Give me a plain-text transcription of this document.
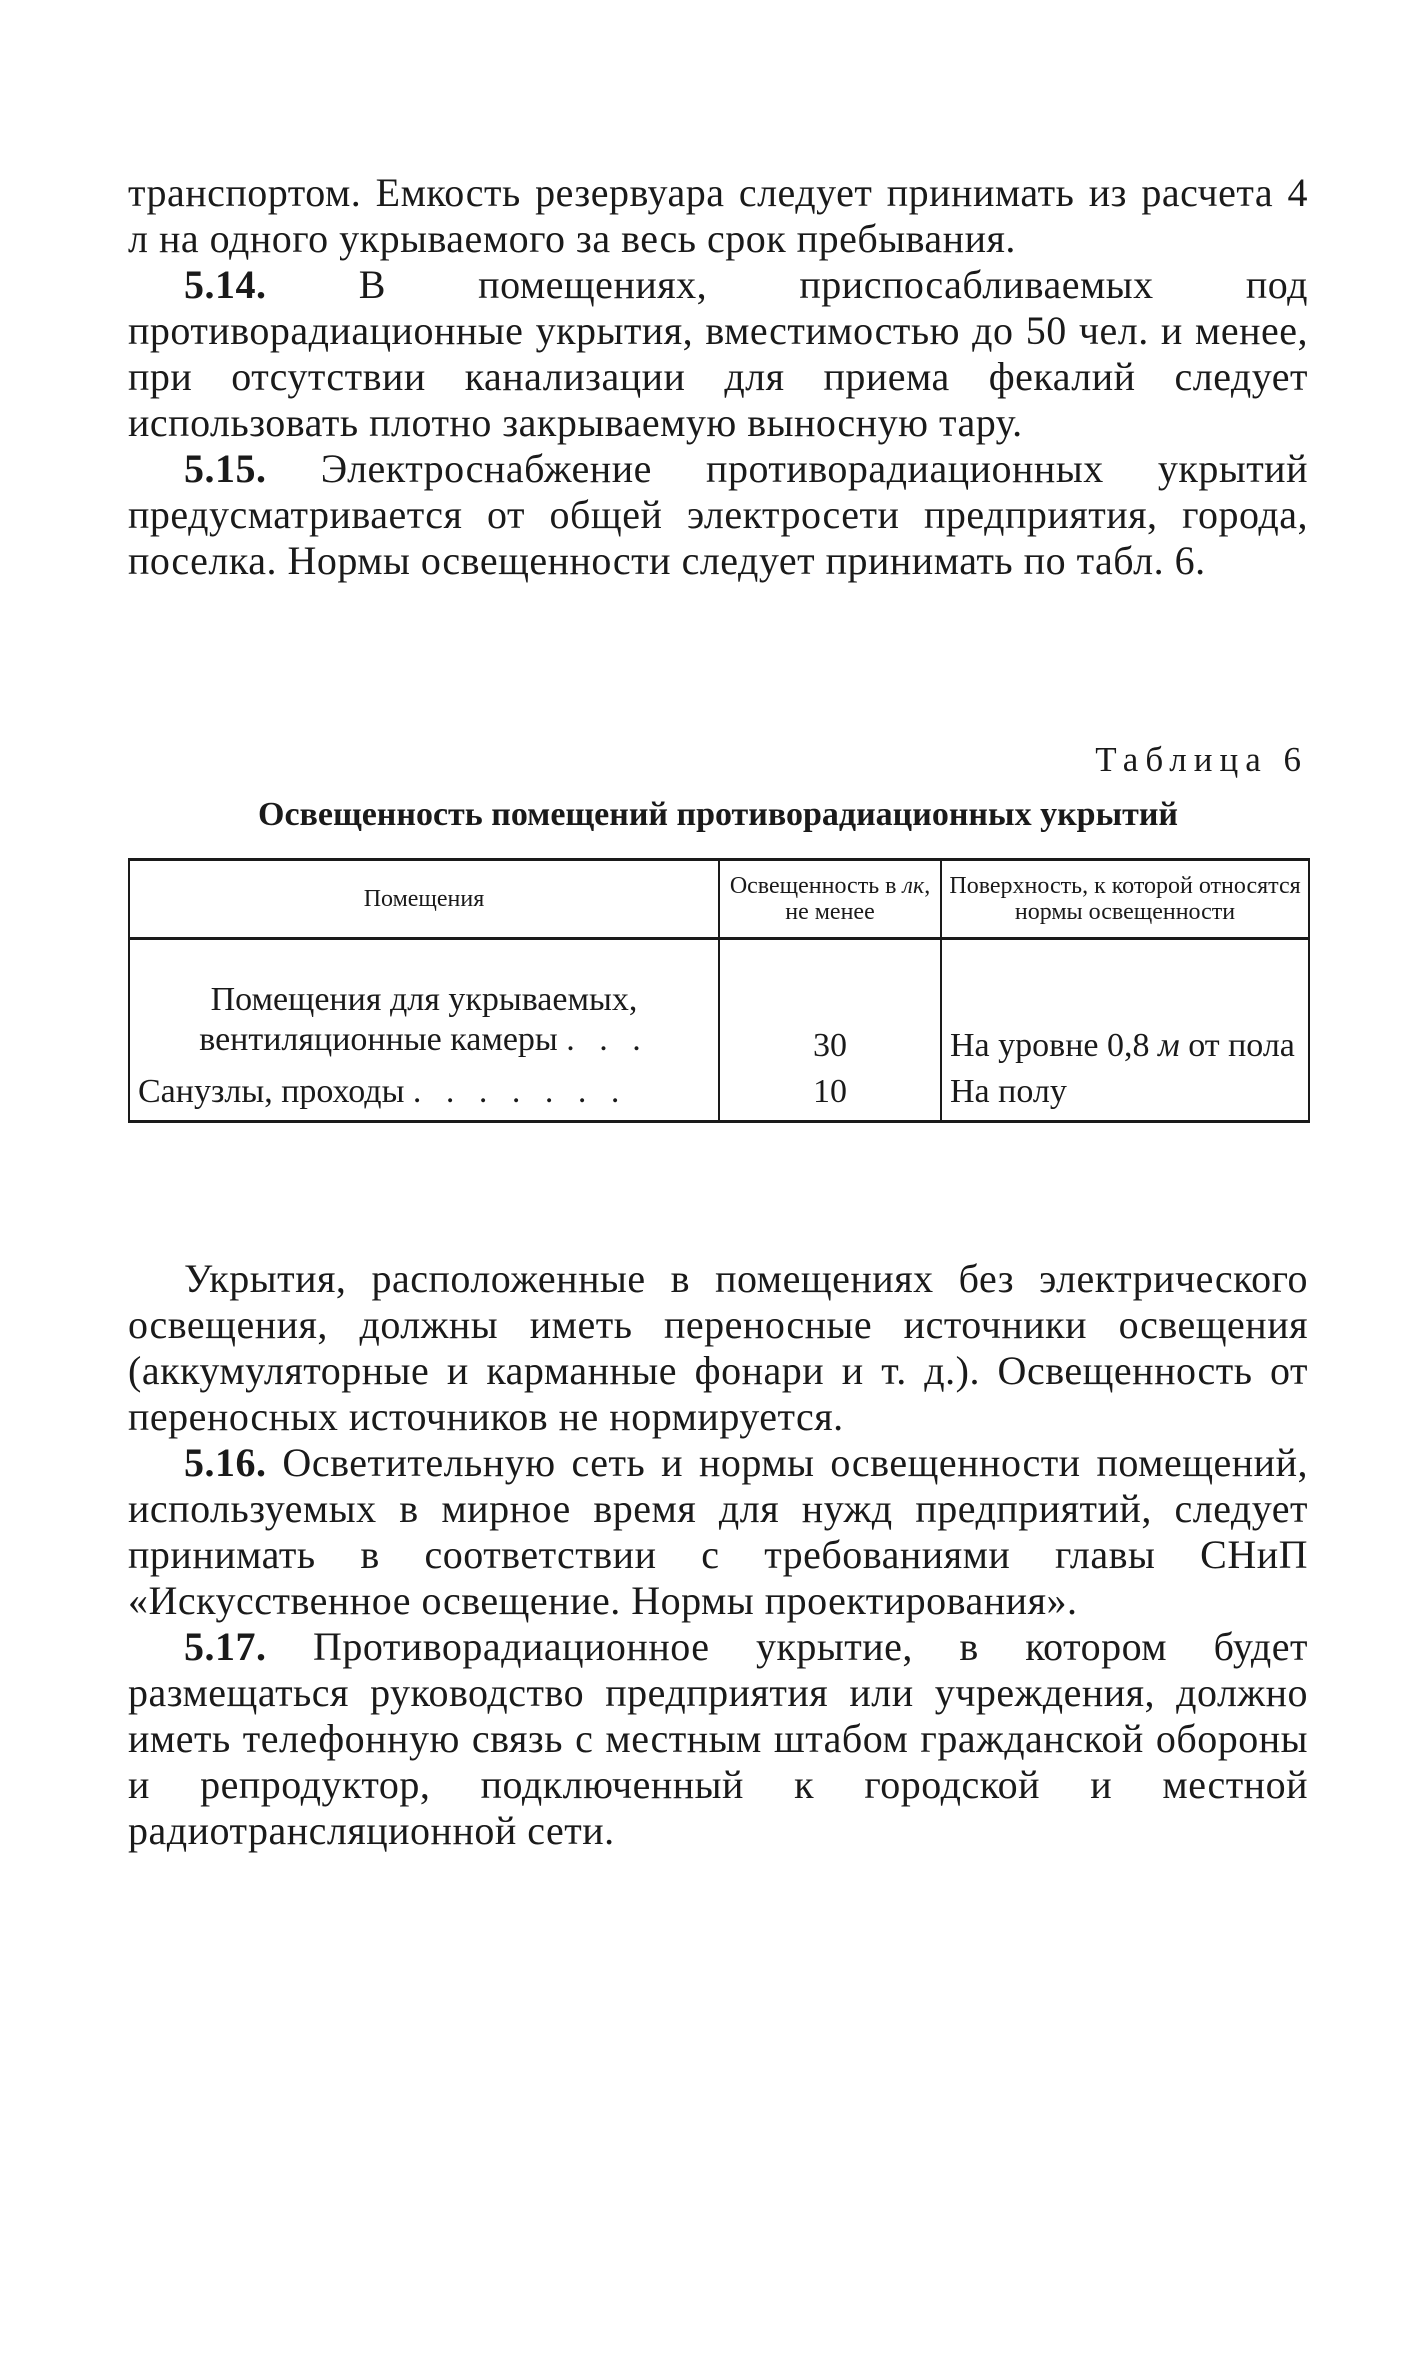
транспортом. Емкость резервуара следует принимать из расчета 4 л на одного укрываемого за весь срок пребывания.

5.14. В помещениях, приспосабливаемых под противорадиационные укрытия, вместимостью до 50 чел. и менее, при отсутствии канализации для приема фекалий следует использовать плотно закрываемую выносную тару.

5.15. Электроснабжение противорадиационных укрытий предусматривается от общей электросети предприятия, города, поселка. Нормы освещенности следует принимать по табл. 6.

Таблица 6
Освещенность помещений противорадиационных укрытий
Помещения	Освещенность в лк, не менее	Поверхность, к которой относятся нормы освещенности
Помещения для укрываемых, вентиляционные камеры . . .	30	На уровне 0,8 м от пола
Санузлы, проходы . . . . . . .	10	На полу

Укрытия, расположенные в помещениях без электрического освещения, должны иметь переносные источники освещения (аккумуляторные и карманные фонари и т. д.). Освещенность от переносных источников не нормируется.

5.16. Осветительную сеть и нормы освещенности помещений, используемых в мирное время для нужд предприятий, следует принимать в соответствии с требованиями главы СНиП «Искусственное освещение. Нормы проектирования».

5.17. Противорадиационное укрытие, в котором будет размещаться руководство предприятия или учреждения, должно иметь телефонную связь с местным штабом гражданской обороны и репродуктор, подключенный к городской и местной радиотрансляционной сети.
